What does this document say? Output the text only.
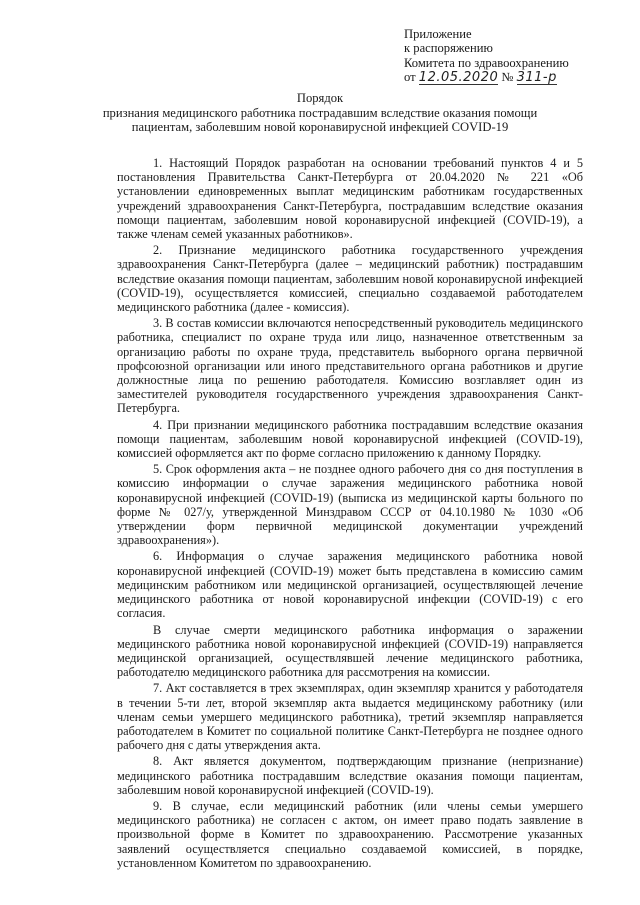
Приложение
к распоряжению
Комитета по здравоохранению
от 12.05.2020 № 311-р
Порядок
признания медицинского работника пострадавшим вследствие оказания помощи
пациентам, заболевшим новой коронавирусной инфекцией COVID-19

1. Настоящий Порядок разработан на основании требований пунктов 4 и 5 постановления Правительства Санкт-Петербурга от 20.04.2020 № 221 «Об установлении единовременных выплат медицинским работникам государственных учреждений здравоохранения Санкт-Петербурга, пострадавшим вследствие оказания помощи пациентам, заболевшим новой коронавирусной инфекцией (COVID-19), а также членам семей указанных работников».

2. Признание медицинского работника государственного учреждения здравоохранения Санкт-Петербурга (далее – медицинский работник) пострадавшим вследствие оказания помощи пациентам, заболевшим новой коронавирусной инфекцией (COVID-19), осуществляется комиссией, специально создаваемой работодателем медицинского работника (далее - комиссия).

3. В состав комиссии включаются непосредственный руководитель медицинского работника, специалист по охране труда или лицо, назначенное ответственным за организацию работы по охране труда, представитель выборного органа первичной профсоюзной организации или иного представительного органа работников и другие должностные лица по решению работодателя. Комиссию возглавляет один из заместителей руководителя государственного учреждения здравоохранения Санкт-Петербурга.

4. При признании медицинского работника пострадавшим вследствие оказания помощи пациентам, заболевшим новой коронавирусной инфекцией (COVID-19), комиссией оформляется акт по форме согласно приложению к данному Порядку.

5. Срок оформления акта – не позднее одного рабочего дня со дня поступления в комиссию информации о случае заражения медицинского работника новой коронавирусной инфекцией (COVID-19) (выписка из медицинской карты больного по форме № 027/у, утвержденной Минздравом СССР от 04.10.1980 № 1030 «Об утверждении форм первичной медицинской документации учреждений здравоохранения»).

6. Информация о случае заражения медицинского работника новой коронавирусной инфекцией (COVID-19) может быть представлена в комиссию самим медицинским работником или медицинской организацией, осуществляющей лечение медицинского работника от новой коронавирусной инфекции (COVID-19) с его согласия.

В случае смерти медицинского работника информация о заражении медицинского работника новой коронавирусной инфекцией (COVID-19) направляется медицинской организацией, осуществлявшей лечение медицинского работника, работодателю медицинского работника для рассмотрения на комиссии.

7. Акт составляется в трех экземплярах, один экземпляр хранится у работодателя в течении 5-ти лет, второй экземпляр акта выдается медицинскому работнику (или членам семьи умершего медицинского работника), третий экземпляр направляется работодателем в Комитет по социальной политике Санкт-Петербурга не позднее одного рабочего дня с даты утверждения акта.

8. Акт является документом, подтверждающим признание (непризнание) медицинского работника пострадавшим вследствие оказания помощи пациентам, заболевшим новой коронавирусной инфекцией (COVID-19).

9. В случае, если медицинский работник (или члены семьи умершего медицинского работника) не согласен с актом, он имеет право подать заявление в произвольной форме в Комитет по здравоохранению. Рассмотрение указанных заявлений осуществляется специально создаваемой комиссией, в порядке, установленном Комитетом по здравоохранению.
